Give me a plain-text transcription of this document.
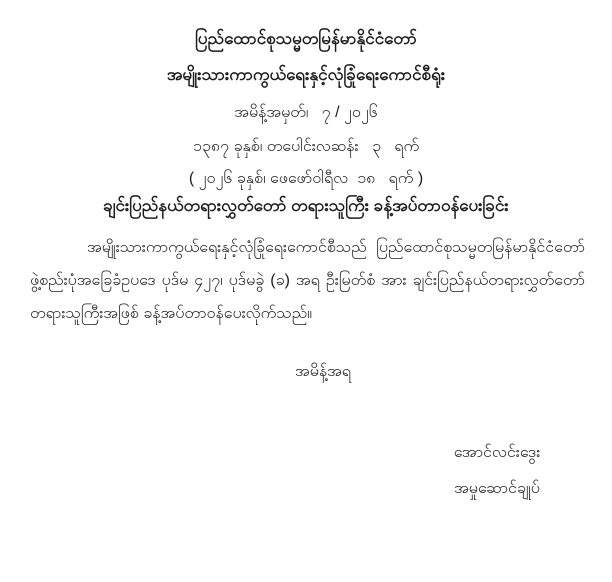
ပြည်ထောင်စုသမ္မတမြန်မာနိုင်ငံတော်
အမျိုးသားကာကွယ်ရေးနှင့်လုံခြုံရေးကောင်စီရုံး
အမိန့်အမှတ်၊   ၇ / ၂၀၂၆
၁၃၈၇ ခုနှစ်၊ တပေါင်းလဆန်း   ၃   ရက်
( ၂၀၂၆ ခုနှစ်၊ ဖေဖော်ဝါရီလ  ၁၈   ရက် )
ချင်းပြည်နယ်တရားလွှတ်တော် တရားသူကြီး ခန့်အပ်တာဝန်ပေးခြင်း
အမျိုးသားကာကွယ်ရေးနှင့်လုံခြုံရေးကောင်စီသည် ပြည်ထောင်စုသမ္မတမြန်မာနိုင်ငံတော် ဖွဲ့စည်းပုံအခြေခံဥပဒေ ပုဒ်မ ၄၂၇၊ ပုဒ်မခွဲ (ခ) အရ ဦးမြတ်စံ အား ချင်းပြည်နယ်တရားလွှတ်တော် တရားသူကြီးအဖြစ် ခန့်အပ်တာဝန်ပေးလိုက်သည်။
အမိန့်အရ
အောင်လင်းဒွေး
အမှုဆောင်ချုပ်
